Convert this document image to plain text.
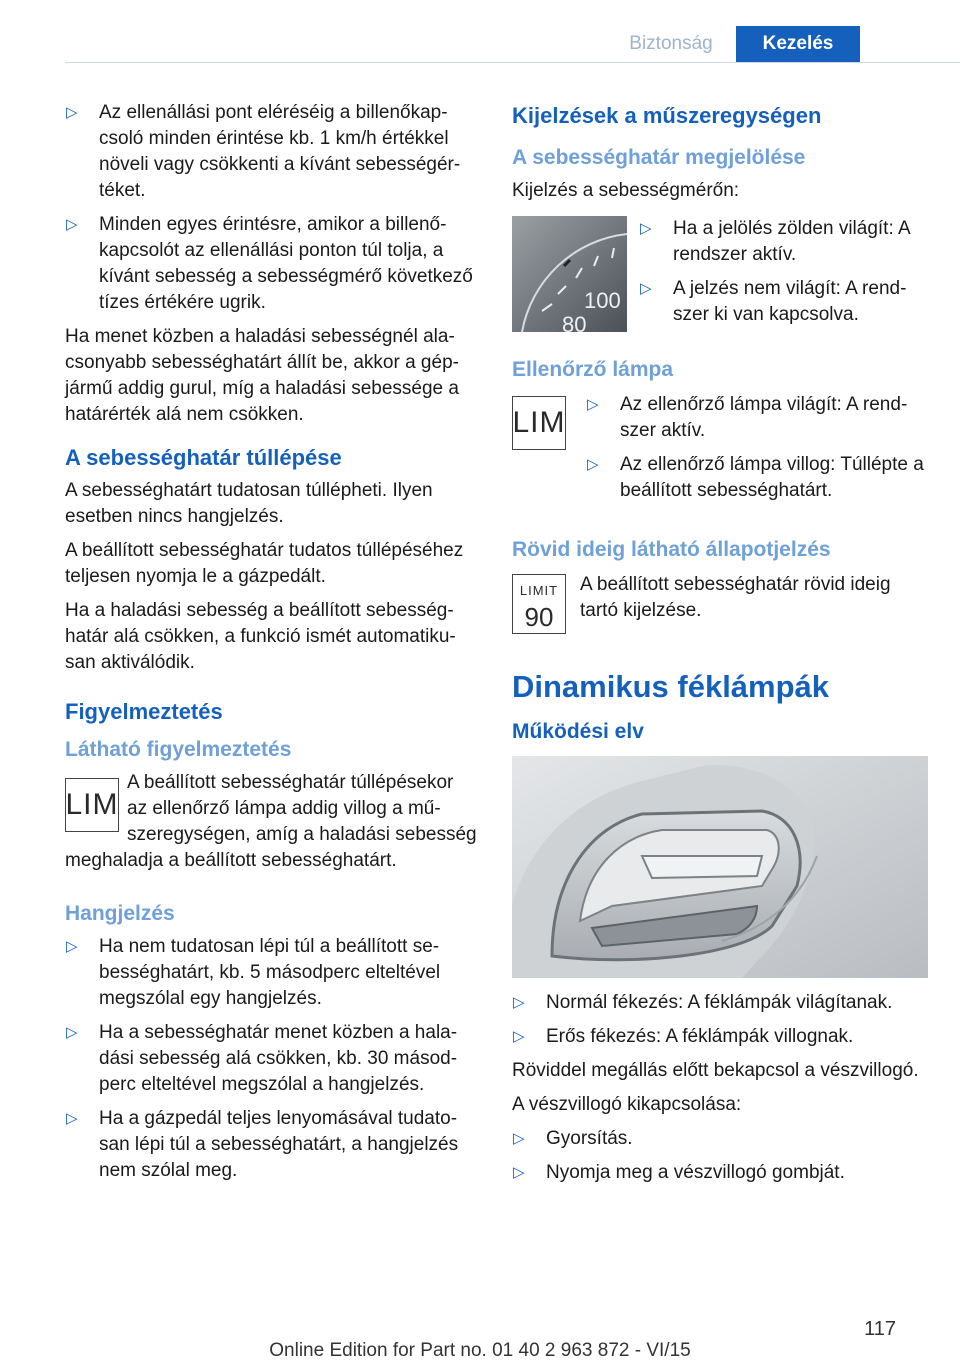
Biztonság	Kezelés
▷ Az ellenállási pont eléréséig a billenőkapcsoló minden érintése kb. 1 km/h értékkel növeli vagy csökkenti a kívánt sebességértéket.
▷ Minden egyes érintésre, amikor a billenőkapcsolót az ellenállási ponton túl tolja, a kívánt sebesség a sebességmérő következő tízes értékére ugrik.

Ha menet közben a haladási sebességnél alacsonyabb sebességhatárt állít be, akkor a gépjármű addig gurul, míg a haladási sebessége a határérték alá nem csökken.

A sebességhatár túllépése

A sebességhatárt tudatosan túllépheti. Ilyen esetben nincs hangjelzés.

A beállított sebességhatár tudatos túllépéséhez teljesen nyomja le a gázpedált.

Ha a haladási sebesség a beállított sebességhatár alá csökken, a funkció ismét automatikusan aktiválódik.

Figyelmeztetés
Látható figyelmeztetés
LIM
A beállított sebességhatár túllépésekor az ellenőrző lámpa addig villog a műszeregységen, amíg a haladási sebesség meghaladja a beállított sebességhatárt.
Hangjelzés
▷ Ha nem tudatosan lépi túl a beállított sebességhatárt, kb. 5 másodperc elteltével megszólal egy hangjelzés.
▷ Ha a sebességhatár menet közben a haladási sebesség alá csökken, kb. 30 másodperc elteltével megszólal a hangjelzés.
▷ Ha a gázpedál teljes lenyomásával tudatosan lépi túl a sebességhatárt, a hangjelzés nem szólal meg.
Kijelzések a műszeregységen
A sebességhatár megjelölése

Kijelzés a sebességmérőn:

100
80
▷ Ha a jelölés zölden világít: A rendszer aktív.
▷ A jelzés nem világít: A rendszer ki van kapcsolva.
Ellenőrző lámpa
LIM
▷ Az ellenőrző lámpa világít: A rendszer aktív.
▷ Az ellenőrző lámpa villog: Túllépte a beállított sebességhatárt.
Rövid ideig látható állapotjelzés
LIMIT
90

A beállított sebességhatár rövid ideig tartó kijelzése.

Dinamikus féklámpák
Működési elv
▷ Normál fékezés: A féklámpák világítanak.
▷ Erős fékezés: A féklámpák villognak.

Röviddel megállás előtt bekapcsol a vészvillogó.

A vészvillogó kikapcsolása:

▷ Gyorsítás.
▷ Nyomja meg a vészvillogó gombját.
117
Online Edition for Part no. 01 40 2 963 872 - VI/15
